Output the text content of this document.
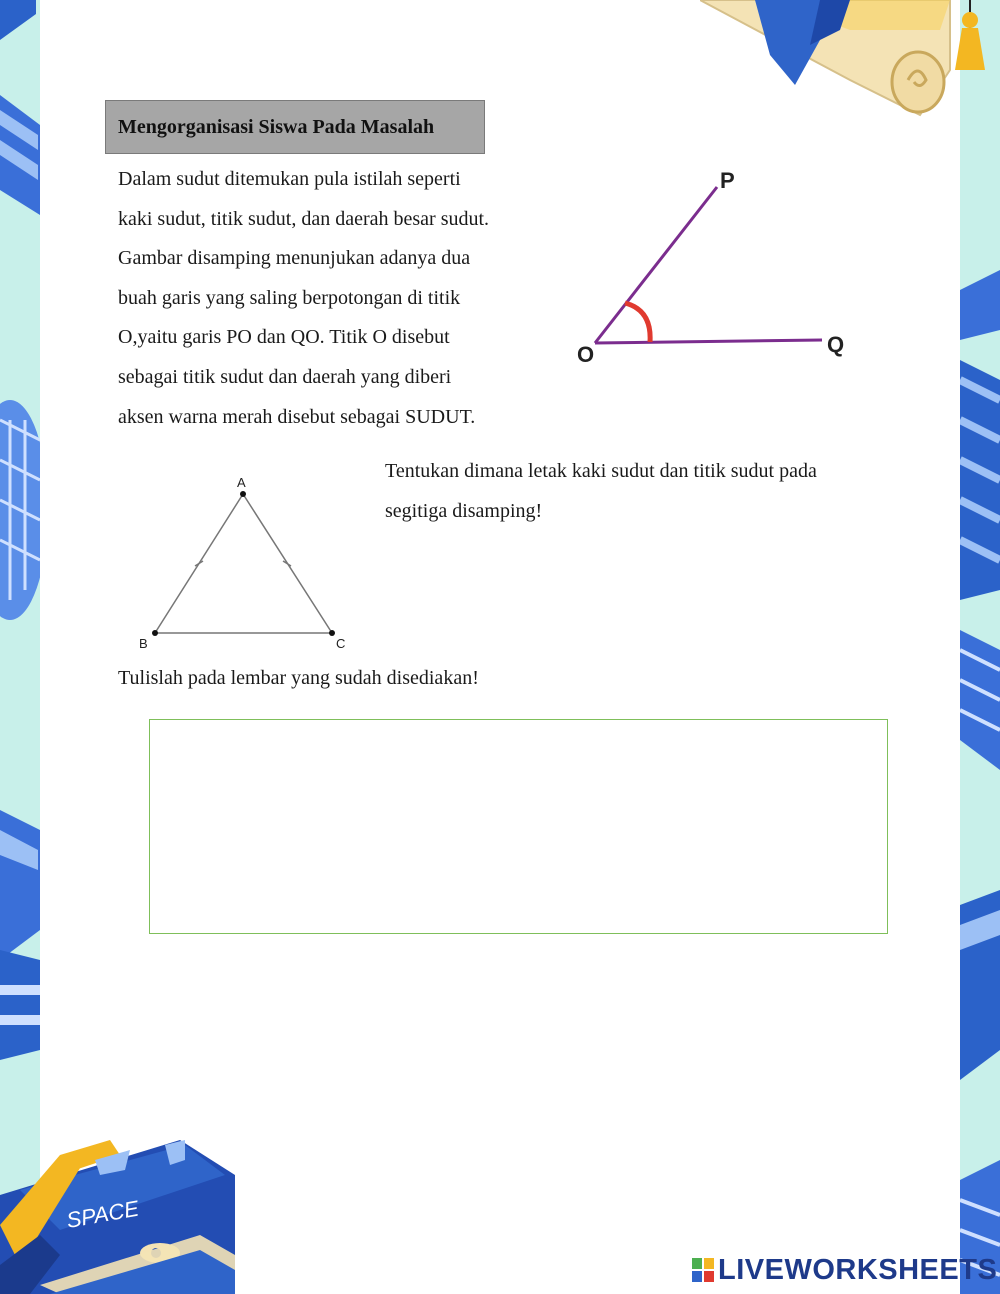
Mengorganisasi Siswa Pada Masalah
Dalam sudut ditemukan pula istilah seperti
kaki sudut, titik sudut, dan daerah besar sudut.
Gambar disamping menunjukan adanya dua
buah garis yang saling berpotongan di titik
O,yaitu garis PO dan QO. Titik O disebut
sebagai titik sudut dan daerah yang diberi
aksen warna merah disebut sebagai SUDUT.
P
O	Q
A
B	C
Tentukan dimana letak kaki sudut dan titik sudut pada
segitiga disamping!
Tulislah pada lembar yang sudah disediakan!
SPACE
LIVEWORKSHEETS
